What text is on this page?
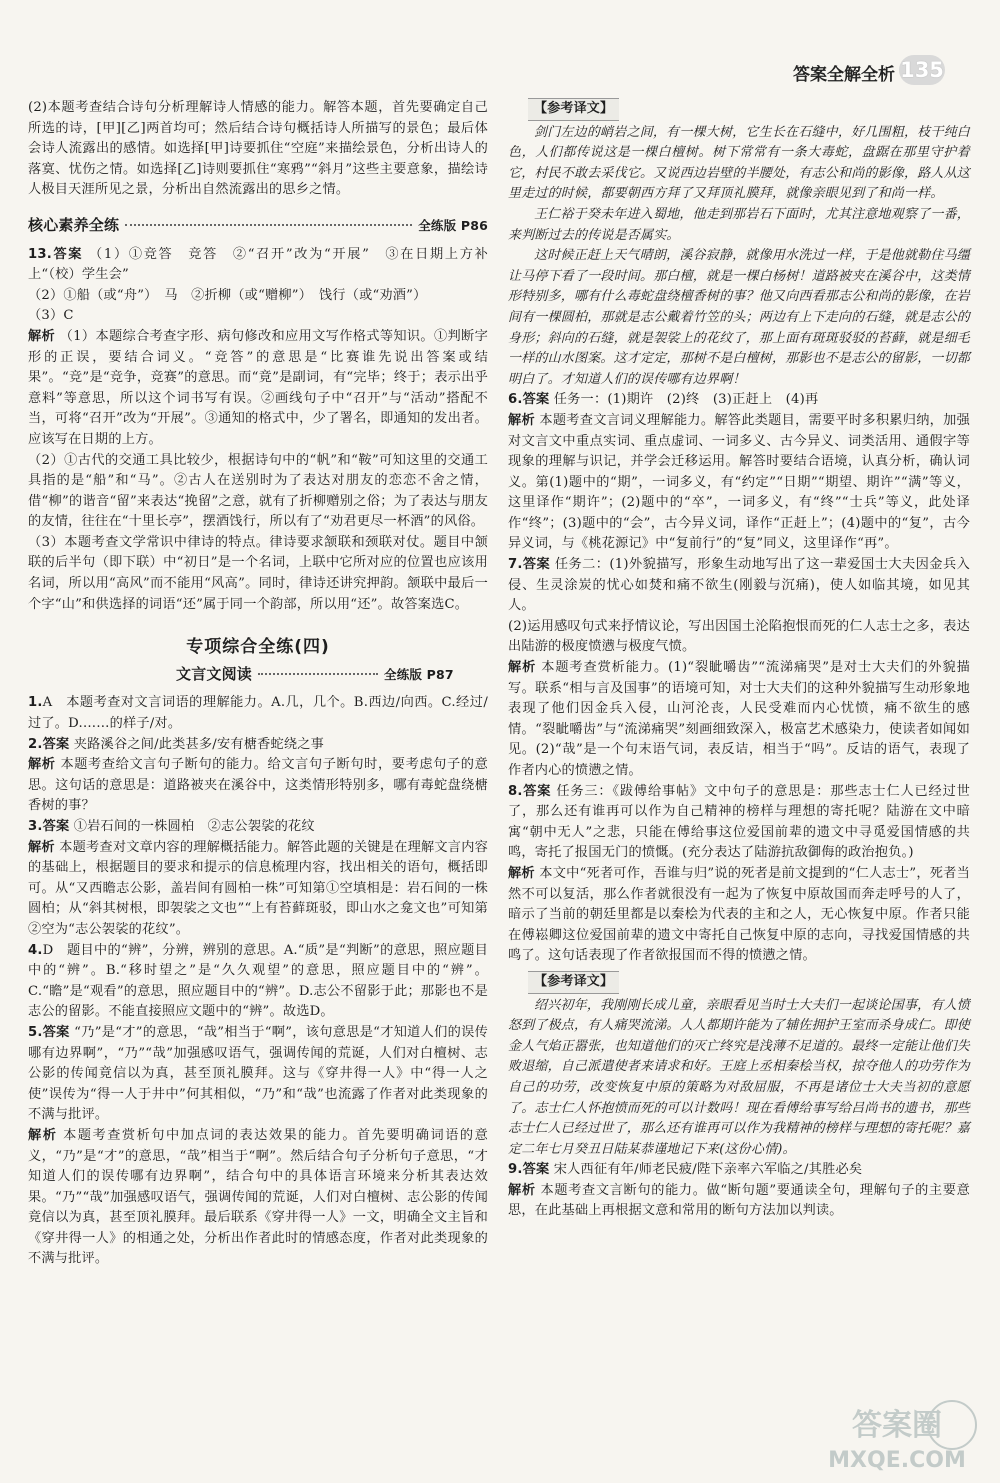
答案全解全析 135

(2)本题考查结合诗句分析理解诗人情感的能力。解答本题，首先要确定自己所选的诗，[甲][乙]两首均可；然后结合诗句概括诗人所描写的景色；最后体会诗人流露出的感情。如选择[甲]诗要抓住“空庭”来描绘景色，分析出诗人的落寞、忧伤之情。如选择[乙]诗则要抓住“寒鸦”“斜月”这些主要意象，描绘诗人极目天涯所见之景，分析出自然流露出的思乡之情。

核心素养全练	全练版 P86

13.答案 （1）①竞答　竞答　②“召开”改为“开展”　③在日期上方补上“（校）学生会”

（2）①船（或“舟”）　马　②折柳（或“赠柳”）　饯行（或“劝酒”）

（3）C

解析 （1）本题综合考查字形、病句修改和应用文写作格式等知识。①判断字形的正误，要结合词义。“竞答”的意思是“比赛谁先说出答案或结果”。“竞”是“竞争，竞赛”的意思。而“竟”是副词，有“完毕；终于；表示出乎意料”等意思，所以这个词书写有误。②画线句子中“召开”与“活动”搭配不当，可将“召开”改为“开展”。③通知的格式中，少了署名，即通知的发出者。应该写在日期的上方。

（2）①古代的交通工具比较少，根据诗句中的“帆”和“鞍”可知这里的交通工具指的是“船”和“马”。②古人在送别时为了表达对朋友的恋恋不舍之情，借“柳”的谐音“留”来表达“挽留”之意，就有了折柳赠别之俗；为了表达与朋友的友情，往往在“十里长亭”，摆酒饯行，所以有了“劝君更尽一杯酒”的风俗。

（3）本题考查文学常识中律诗的特点。律诗要求颔联和颈联对仗。题目中颔联的后半句（即下联）中“初日”是一个名词，上联中它所对应的位置也应该用名词，所以用“高风”而不能用“风高”。同时，律诗还讲究押韵。颔联中最后一个字“山”和供选择的词语“还”属于同一个韵部，所以用“还”。故答案选C。

专项综合全练(四)
文言文阅读	全练版 P87

1.A　本题考查对文言词语的理解能力。A.几，几个。B.西边/向西。C.经过/过了。D.……的样子/对。

2.答案 夹路溪谷之间/此类甚多/安有榶香蛇绕之事

解析 本题考查给文言句子断句的能力。给文言句子断句时，要考虑句子的意思。这句话的意思是：道路被夹在溪谷中，这类情形特别多，哪有毒蛇盘绕榶香树的事？

3.答案 ①岩石间的一株圆柏　②志公袈裟的花纹

解析 本题考查对文章内容的理解概括能力。解答此题的关键是在理解文言内容的基础上，根据题目的要求和提示的信息梳理内容，找出相关的语句，概括即可。从“又西瞻志公影，盖岩间有圆柏一株”可知第①空填相是：岩石间的一株圆柏；从“斜其树根，即袈裟之文也”“上有苔藓斑驳，即山水之龛文也”可知第②空为“志公袈裟的花纹”。

4.D　题目中的“辨”，分辨，辨别的意思。A.“质”是“判断”的意思，照应题目中的“辨”。B.“移时望之”是“久久观望”的意思，照应题目中的“辨”。C.“瞻”是“观看”的意思，照应题目中的“辨”。D.志公不留影于此；那影也不是志公的留影。不能直接照应文题中的“辨”。故选D。

5.答案 “乃”是“才”的意思，“哉”相当于“啊”，该句意思是“才知道人们的误传哪有边界啊”，“乃”“哉”加强感叹语气，强调传闻的荒诞，人们对白檀树、志公影的传闻竟信以为真，甚至顶礼膜拜。这与《穿井得一人》中“得一人之使”误传为“得一人于井中”何其相似，“乃”和“哉”也流露了作者对此类现象的不满与批评。

解析 本题考查赏析句中加点词的表达效果的能力。首先要明确词语的意义，“乃”是“才”的意思，“哉”相当于“啊”。然后结合句子分析句子意思，“才知道人们的误传哪有边界啊”，结合句中的具体语言环境来分析其表达效果。“乃”“哉”加强感叹语气，强调传闻的荒诞，人们对白檀树、志公影的传闻竟信以为真，甚至顶礼膜拜。最后联系《穿井得一人》一文，明确全文主旨和《穿井得一人》的相通之处，分析出作者此时的情感态度，作者对此类现象的不满与批评。

【参考译文】

剑门左边的峭岩之间，有一棵大树，它生长在石缝中，好几围粗，枝干纯白色，人们都传说这是一棵白檀树。树下常常有一条大毒蛇，盘踞在那里守护着它，村民不敢去采伐它。又说西边岩壁的半腰处，有志公和尚的影像，路人从这里走过的时候，都要朝西方拜了又拜顶礼膜拜，就像亲眼见到了和尚一样。

王仁裕于癸未年进入蜀地，他走到那岩石下面时，尤其注意地观察了一番，来判断过去的传说是否属实。

这时候正赶上天气晴朗，溪谷寂静，就像用水洗过一样，于是他就勒住马缰让马停下看了一段时间。那白檀，就是一棵白杨树！道路被夹在溪谷中，这类情形特别多，哪有什么毒蛇盘绕檀香树的事？他又向西看那志公和尚的影像，在岩间有一棵圆柏，那就是志公戴着竹笠的头；两边有上下走向的石缝，就是志公的身形；斜向的石缝，就是袈裟上的花纹了，那上面有斑斑驳驳的苔藓，就是细毛一样的山水图案。这才定定，那树不是白檀树，那影也不是志公的留影，一切都明白了。才知道人们的误传哪有边界啊！

6.答案 任务一：(1)期许　(2)终　(3)正赶上　(4)再

解析 本题考查文言词义理解能力。解答此类题目，需要平时多积累归纳，加强对文言文中重点实词、重点虚词、一词多义、古今异义、词类活用、通假字等现象的理解与识记，并学会迁移运用。解答时要结合语境，认真分析，确认词义。第(1)题中的“期”，一词多义，有“约定”“日期”“期望、期许”“满”等义，这里译作“期许”；(2)题中的“卒”，一词多义，有“终”“士兵”等义，此处译作“终”；(3)题中的“会”，古今异义词，译作“正赶上”；(4)题中的“复”，古今异义词，与《桃花源记》中“复前行”的“复”同义，这里译作“再”。

7.答案 任务二：(1)外貌描写，形象生动地写出了这一辈爱国士大夫因金兵入侵、生灵涂炭的忧心如焚和痛不欲生(刚毅与沉痛)，使人如临其境，如见其人。

(2)运用感叹句式来抒情议论，写出因国土沦陷抱恨而死的仁人志士之多，表达出陆游的极度愤懑与极度气愤。

解析 本题考查赏析能力。(1)“裂眦嚼齿”“流涕痛哭”是对士大夫们的外貌描写。联系“相与言及国事”的语境可知，对士大夫们的这种外貌描写生动形象地表现了他们因金兵入侵，山河沦丧，人民受难而内心忧愤，痛不欲生的感情。“裂眦嚼齿”与“流涕痛哭”刻画细致深入，极富艺术感染力，使读者如闻如见。(2)“哉”是一个句末语气词，表反诘，相当于“吗”。反诘的语气，表现了作者内心的愤懑之情。

8.答案 任务三：《跋傅给事帖》文中句子的意思是：那些志士仁人已经过世了，那么还有谁再可以作为自己精神的榜样与理想的寄托呢？陆游在文中暗寓“朝中无人”之悲，只能在傅给事这位爱国前辈的遗文中寻觅爱国情感的共鸣，寄托了报国无门的愤慨。(充分表达了陆游抗敌御侮的政治抱负。)

解析 本文中“死者可作，吾谁与归”说的死者是前文提到的“仁人志士”，死者当然不可以复活，那么作者就很没有一起为了恢复中原故国而奔走呼号的人了，暗示了当前的朝廷里都是以秦桧为代表的主和之人，无心恢复中原。作者只能在傅崧卿这位爱国前辈的遗文中寄托自己恢复中原的志向，寻找爱国情感的共鸣了。这句话表现了作者欲报国而不得的愤懑之情。

【参考译文】

绍兴初年，我刚刚长成儿童，亲眼看见当时士大夫们一起谈论国事，有人愤怒到了极点，有人痛哭流涕。人人都期许能为了辅佐拥护王室而杀身成仁。即使金人气焰正嚣张，也知道他们的灭亡终究是浅薄不足道的。最终一定能让他们失败退缩，自己派遣使者来请求和好。王庭上丞相秦桧当权，掠夺他人的功劳作为自己的功劳，改变恢复中原的策略为对敌屈服，不再是诸位士大夫当初的意愿了。志士仁人怀抱愤而死的可以计数吗！现在看傅给事写给吕尚书的遗书，那些志士仁人已经过世了，那么还有谁再可以作为我精神的榜样与理想的寄托呢？嘉定二年七月癸丑日陆某恭谨地记下来(这份心情)。

9.答案 宋人西征有年/师老民疲/陛下亲率六军临之/其胜必矣

解析 本题考查文言断句的能力。做“断句题”要通读全句，理解句子的主要意思，在此基础上再根据文意和常用的断句方法加以判读。

答案圈
MXQE.COM
